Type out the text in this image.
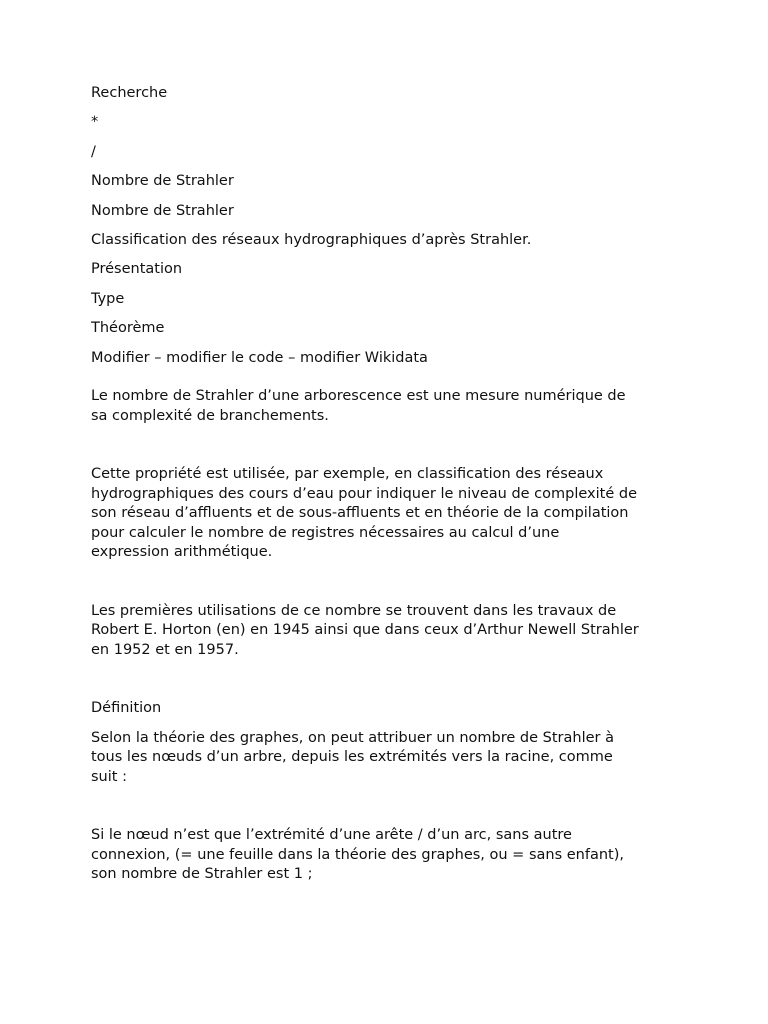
Recherche

*

/

Nombre de Strahler

Nombre de Strahler

Classification des réseaux hydrographiques d’après Strahler.

Présentation

Type

Théorème

Modifier – modifier le code – modifier Wikidata

Le nombre de Strahler d’une arborescence est une mesure numérique de
sa complexité de branchements.
Cette propriété est utilisée, par exemple, en classification des réseaux
hydrographiques des cours d’eau pour indiquer le niveau de complexité de
son réseau d’affluents et de sous-affluents et en théorie de la compilation
pour calculer le nombre de registres nécessaires au calcul d’une
expression arithmétique.
Les premières utilisations de ce nombre se trouvent dans les travaux de
Robert E. Horton (en) en 1945 ainsi que dans ceux d’Arthur Newell Strahler
en 1952 et en 1957.

Définition

Selon la théorie des graphes, on peut attribuer un nombre de Strahler à
tous les nœuds d’un arbre, depuis les extrémités vers la racine, comme
suit :
Si le nœud n’est que l’extrémité d’une arête / d’un arc, sans autre
connexion, (= une feuille dans la théorie des graphes, ou = sans enfant),
son nombre de Strahler est 1 ;
